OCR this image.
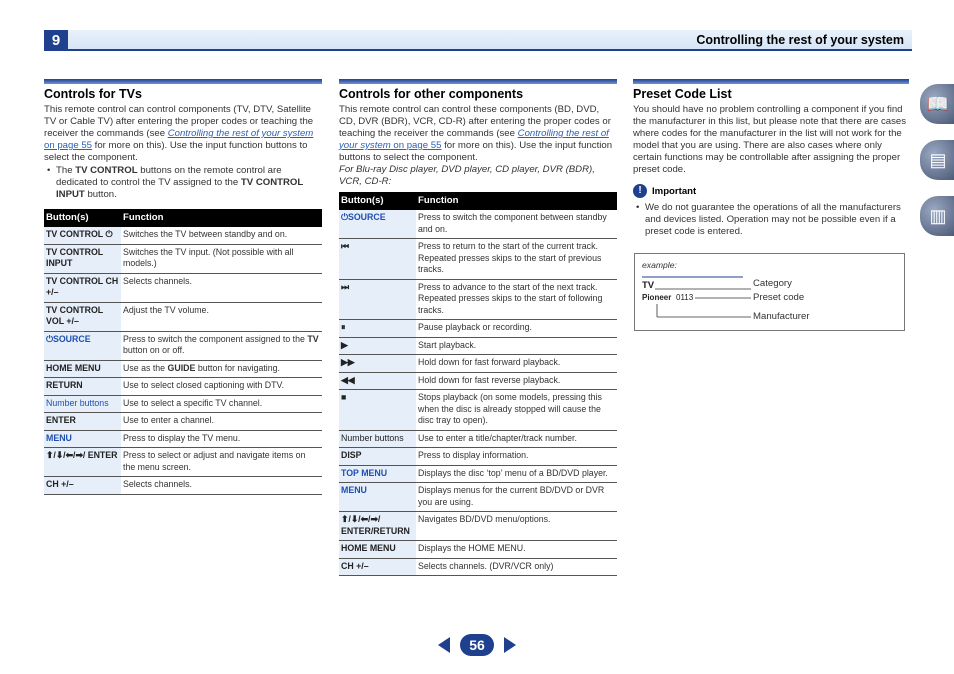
9	Controlling the rest of your system
Controls for TVs
This remote control can control components (TV, DTV, Satellite TV or Cable TV) after entering the proper codes or teaching the receiver the commands (see Controlling the rest of your system on page 55 for more on this). Use the input function buttons to select the component.
• The TV CONTROL buttons on the remote control are dedicated to control the TV assigned to the TV CONTROL INPUT button.
Button(s)	Function
TV CONTROL ⏻	Switches the TV between standby and on.
TV CONTROL INPUT	Switches the TV input. (Not possible with all models.)
TV CONTROL CH +/–	Selects channels.
TV CONTROL VOL +/–	Adjust the TV volume.
⏻SOURCE	Press to switch the component assigned to the TV button on or off.
HOME MENU	Use as the GUIDE button for navigating.
RETURN	Use to select closed captioning with DTV.
Number buttons	Use to select a specific TV channel.
ENTER	Use to enter a channel.
MENU	Press to display the TV menu.
⬆/⬇/⬅/➡/ ENTER	Press to select or adjust and navigate items on the menu screen.
CH +/–	Selects channels.
Controls for other components
This remote control can control these components (BD, DVD, CD, DVR (BDR), VCR, CD-R) after entering the proper codes or teaching the receiver the commands (see Controlling the rest of your system on page 55 for more on this). Use the input function buttons to select the component.
For Blu-ray Disc player, DVD player, CD player, DVR (BDR), VCR, CD-R:
Button(s)	Function
⏻SOURCE	Press to switch the component between standby and on.
⏮	Press to return to the start of the current track. Repeated presses skips to the start of previous tracks.
⏭	Press to advance to the start of the next track. Repeated presses skips to the start of following tracks.
⏸	Pause playback or recording.
▶	Start playback.
▶▶	Hold down for fast forward playback.
◀◀	Hold down for fast reverse playback.
■	Stops playback (on some models, pressing this when the disc is already stopped will cause the disc tray to open).
Number buttons	Use to enter a title/chapter/track number.
DISP	Press to display information.
TOP MENU	Displays the disc ‘top’ menu of a BD/DVD player.
MENU	Displays menus for the current BD/DVD or DVR you are using.
⬆/⬇/⬅/➡/ ENTER/RETURN	Navigates BD/DVD menu/options.
HOME MENU	Displays the HOME MENU.
CH +/–	Selects channels. (DVR/VCR only)
Preset Code List
You should have no problem controlling a component if you find the manufacturer in this list, but please note that there are cases where codes for the manufacturer in the list will not work for the model that you are using. There are also cases where only certain functions may be controllable after assigning the proper preset code.
!	Important
• We do not guarantee the operations of all the manufacturers and devices listed. Operation may not be possible even if a preset code is entered.
example:
TV
Pioneer 0113
Category
Preset code
Manufacturer
📖
▤
▥
56
